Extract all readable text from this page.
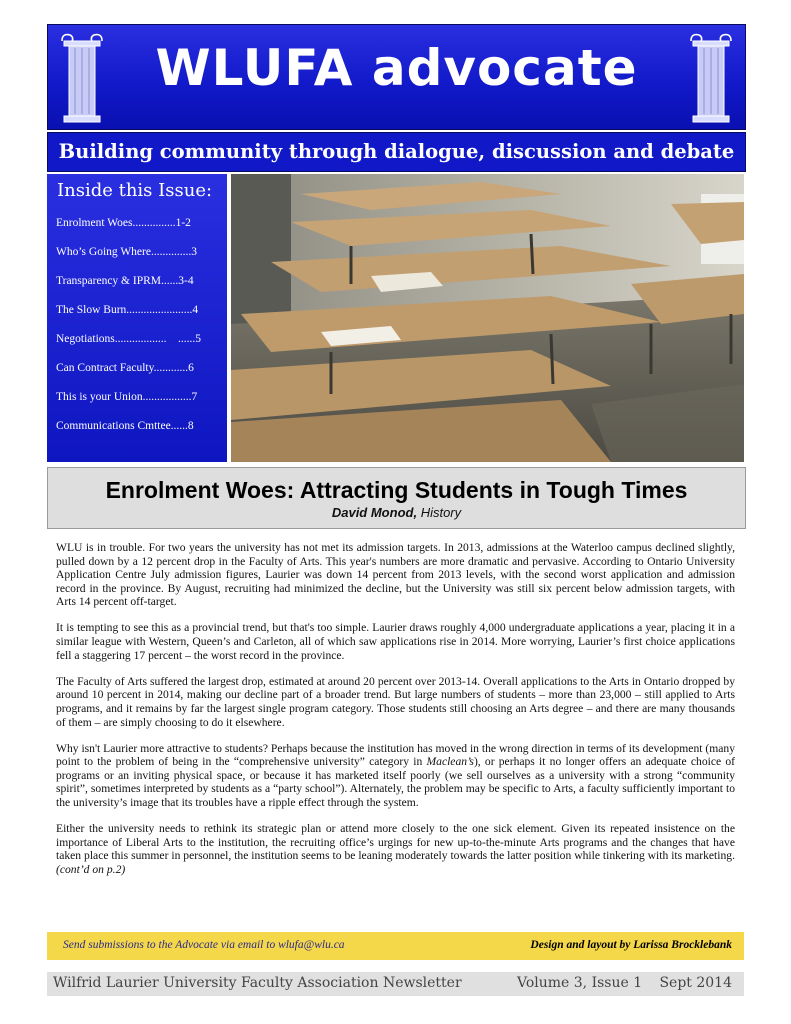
WLUFA advocate
Building community through dialogue, discussion and debate
Inside this Issue:
Enrolment Woes...............1-2
Who’s Going Where..............3
Transparency & IPRM......3-4
The Slow Burn.......................4
Negotiations..................    ......5
Can Contract Faculty............6
This is your Union.................7
Communications Cmttee......8
Enrolment Woes: Attracting Students in Tough Times
David Monod, History

WLU is in trouble. For two years the university has not met its admission targets. In 2013, admissions at the Waterloo campus declined slightly, pulled down by a 12 percent drop in the Faculty of Arts. This year's numbers are more dramatic and pervasive. According to Ontario University Application Centre July admission figures, Laurier was down 14 percent from 2013 levels, with the second worst application and admission record in the province. By August, recruiting had minimized the decline, but the University was still six percent below admission targets, with Arts 14 percent off-target.

It is tempting to see this as a provincial trend, but that's too simple. Laurier draws roughly 4,000 undergraduate applications a year, placing it in a similar league with Western, Queen’s and Carleton, all of which saw applications rise in 2014. More worrying, Laurier’s first choice applications fell a staggering 17 percent – the worst record in the province.

The Faculty of Arts suffered the largest drop, estimated at around 20 percent over 2013-14. Overall applications to the Arts in Ontario dropped by around 10 percent in 2014, making our decline part of a broader trend. But large numbers of students – more than 23,000 – still applied to Arts programs, and it remains by far the largest single program category. Those students still choosing an Arts degree – and there are many thousands of them – are simply choosing to do it elsewhere.

Why isn't Laurier more attractive to students? Perhaps because the institution has moved in the wrong direction in terms of its development (many point to the problem of being in the “comprehensive university” category in Maclean’s), or perhaps it no longer offers an adequate choice of programs or an inviting physical space, or because it has marketed itself poorly (we sell ourselves as a university with a strong “community spirit”, sometimes interpreted by students as a “party school”). Alternately, the problem may be specific to Arts, a faculty sufficiently important to the university’s image that its troubles have a ripple effect through the system.

Either the university needs to rethink its strategic plan or attend more closely to the one sick element. Given its repeated insistence on the importance of Liberal Arts to the institution, the recruiting office’s urgings for new up-to-the-minute Arts programs and the changes that have taken place this summer in personnel, the institution seems to be leaning moderately towards the latter position while tinkering with its marketing. (cont’d on p.2)

Send submissions to the Advocate via email to wlufa@wlu.ca	Design and layout by Larissa Brocklebank
Wilfrid Laurier University Faculty Association Newsletter	Volume 3, Issue 1 Sept 2014
